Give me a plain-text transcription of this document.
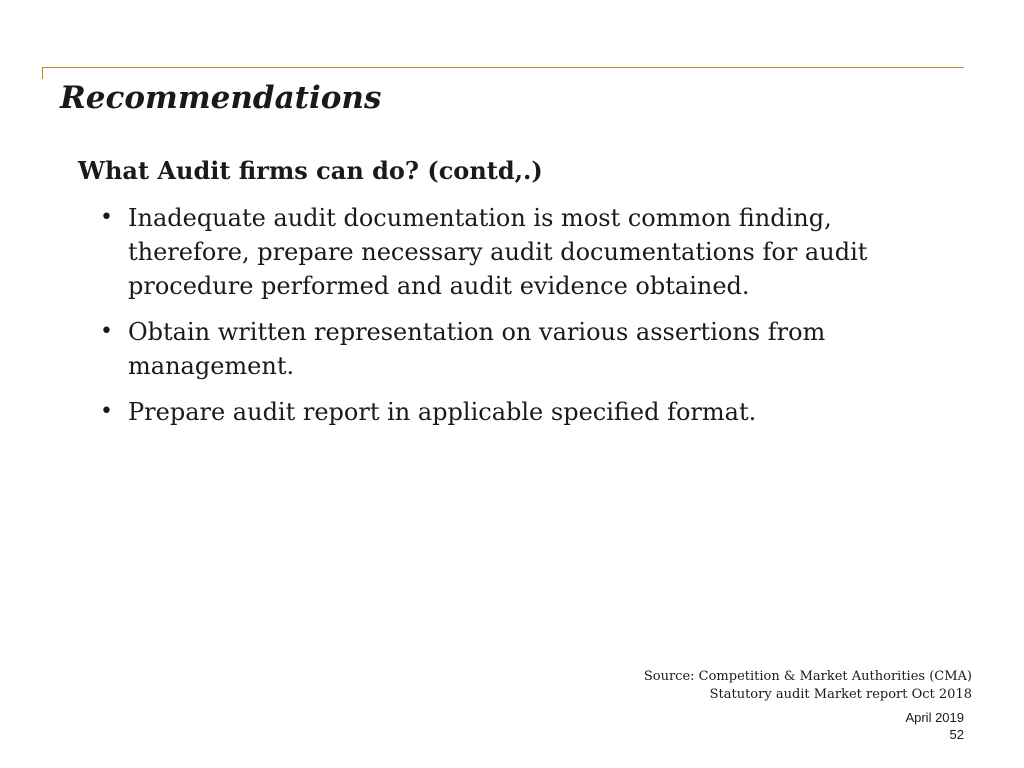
Recommendations
What Audit firms can do? (contd,.)
• Inadequate audit documentation is most common finding, therefore, prepare necessary audit documentations for audit procedure performed and audit evidence obtained.
• Obtain written representation on various assertions from management.
• Prepare audit report in applicable specified format.
Source: Competition & Market Authorities (CMA)
Statutory audit Market report Oct 2018
April 2019
52
